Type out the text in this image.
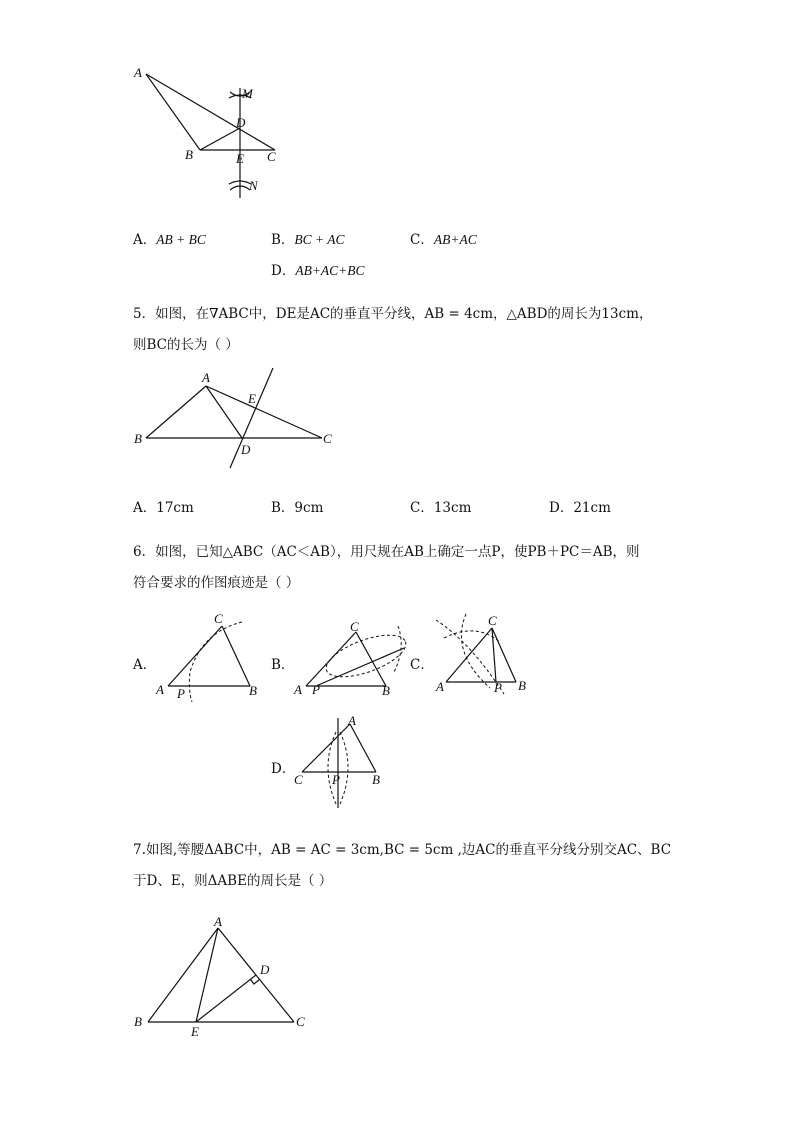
A
B	C
D
E
M
N
A．AB + BC	B．BC + AC	C．AB+AC
D．AB+AC+BC
5．如图，在∇ABC中，DE是AC的垂直平分线，AB = 4cm，△ABD的周长为13cm，
则BC的长为（ ）
A
B	C
D
E
A．17cm	B．9cm	C．13cm	D．21cm
6．如图，已知△ABC（AC＜AB），用尺规在AB上确定一点P，使PB＋PC＝AB，则
符合要求的作图痕迹是（ ）
A．
A	B
C
P
B．
A	B
C
P
C．
A	B
C
P
D．
C	B
A
P
7.如图,等腰ΔABC中，AB = AC = 3cm,BC = 5cm ,边AC的垂直平分线分别交AC、BC
于D、E，则ΔABE的周长是（ ）
A
B	C
D
E
